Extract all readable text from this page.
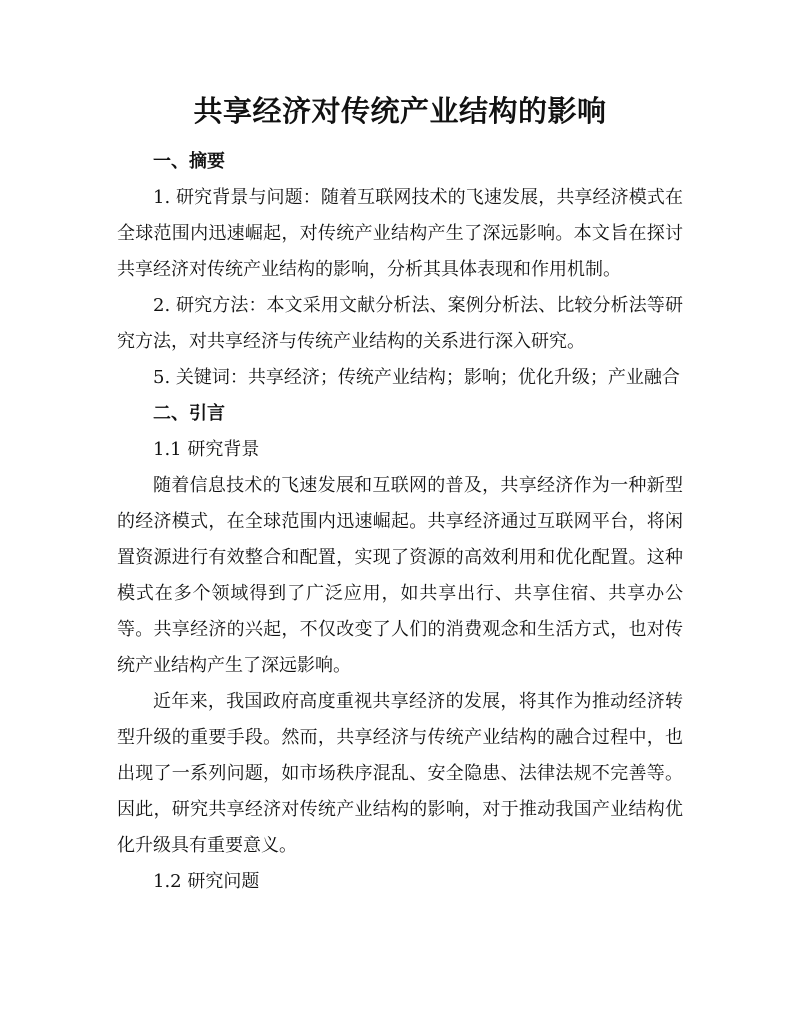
共享经济对传统产业结构的影响
一、摘要

1. 研究背景与问题：随着互联网技术的飞速发展，共享经济模式在全球范围内迅速崛起，对传统产业结构产生了深远影响。本文旨在探讨共享经济对传统产业结构的影响，分析其具体表现和作用机制。

2. 研究方法：本文采用文献分析法、案例分析法、比较分析法等研究方法，对共享经济与传统产业结构的关系进行深入研究。

5. 关键词：共享经济；传统产业结构；影响；优化升级；产业融合

二、引言
1.1 研究背景

随着信息技术的飞速发展和互联网的普及，共享经济作为一种新型的经济模式，在全球范围内迅速崛起。共享经济通过互联网平台，将闲置资源进行有效整合和配置，实现了资源的高效利用和优化配置。这种模式在多个领域得到了广泛应用，如共享出行、共享住宿、共享办公等。共享经济的兴起，不仅改变了人们的消费观念和生活方式，也对传统产业结构产生了深远影响。

近年来，我国政府高度重视共享经济的发展，将其作为推动经济转型升级的重要手段。然而，共享经济与传统产业结构的融合过程中，也出现了一系列问题，如市场秩序混乱、安全隐患、法律法规不完善等。因此，研究共享经济对传统产业结构的影响，对于推动我国产业结构优化升级具有重要意义。

1.2 研究问题
